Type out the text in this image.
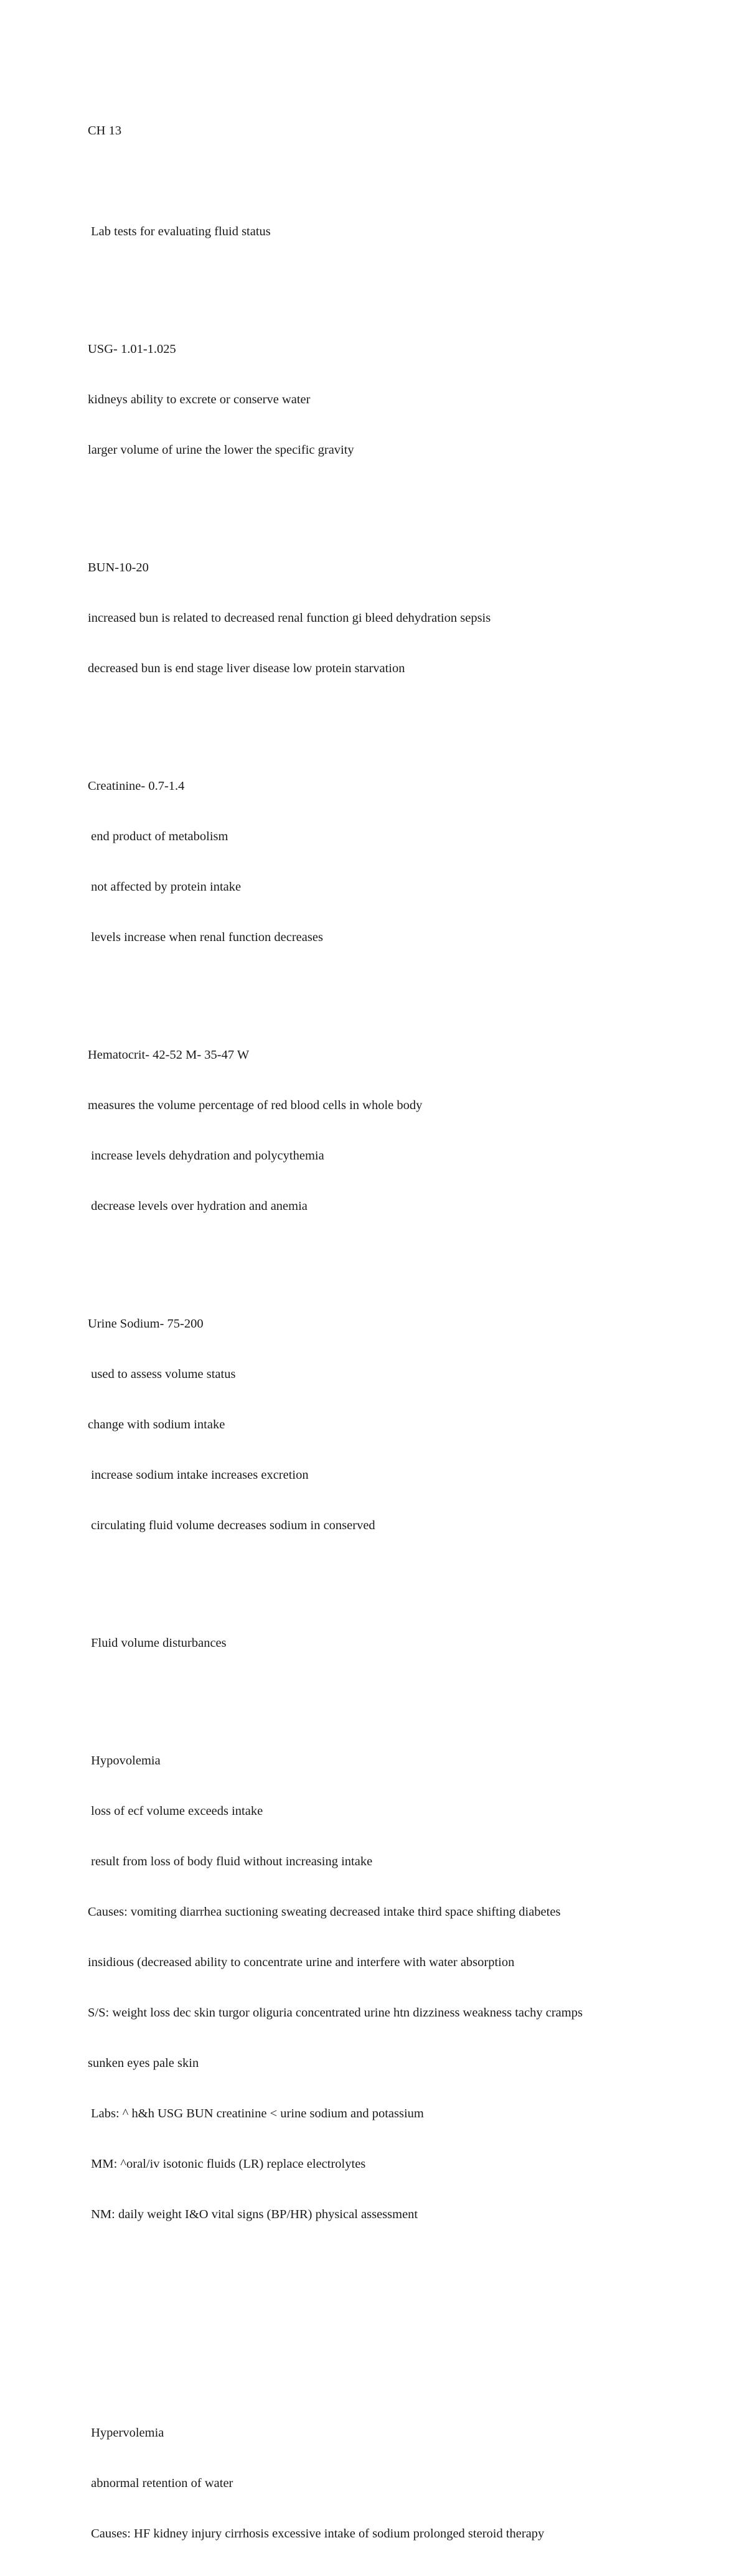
CH 13

Lab tests for evaluating fluid status

USG- 1.01-1.025

kidneys ability to excrete or conserve water

larger volume of urine the lower the specific gravity

BUN-10-20

increased bun is related to decreased renal function gi bleed dehydration sepsis

decreased bun is end stage liver disease low protein starvation

Creatinine- 0.7-1.4

end product of metabolism

not affected by protein intake

levels increase when renal function decreases

Hematocrit- 42-52 M- 35-47 W

measures the volume percentage of red blood cells in whole body

increase levels dehydration and polycythemia

decrease levels over hydration and anemia

Urine Sodium- 75-200

used to assess volume status

change with sodium intake

increase sodium intake increases excretion

circulating fluid volume decreases sodium in conserved

Fluid volume disturbances

Hypovolemia

loss of ecf volume exceeds intake

result from loss of body fluid without increasing intake

Causes: vomiting diarrhea suctioning sweating decreased intake third space shifting diabetes

insidious (decreased ability to concentrate urine and interfere with water absorption

S/S: weight loss dec skin turgor oliguria concentrated urine htn dizziness weakness tachy cramps

sunken eyes pale skin

Labs: ^ h&h USG BUN creatinine < urine sodium and potassium

MM: ^oral/iv isotonic fluids (LR) replace electrolytes

NM: daily weight I&O vital signs (BP/HR) physical assessment

Hypervolemia

abnormal retention of water

Causes: HF kidney injury cirrhosis excessive intake of sodium prolonged steroid therapy
